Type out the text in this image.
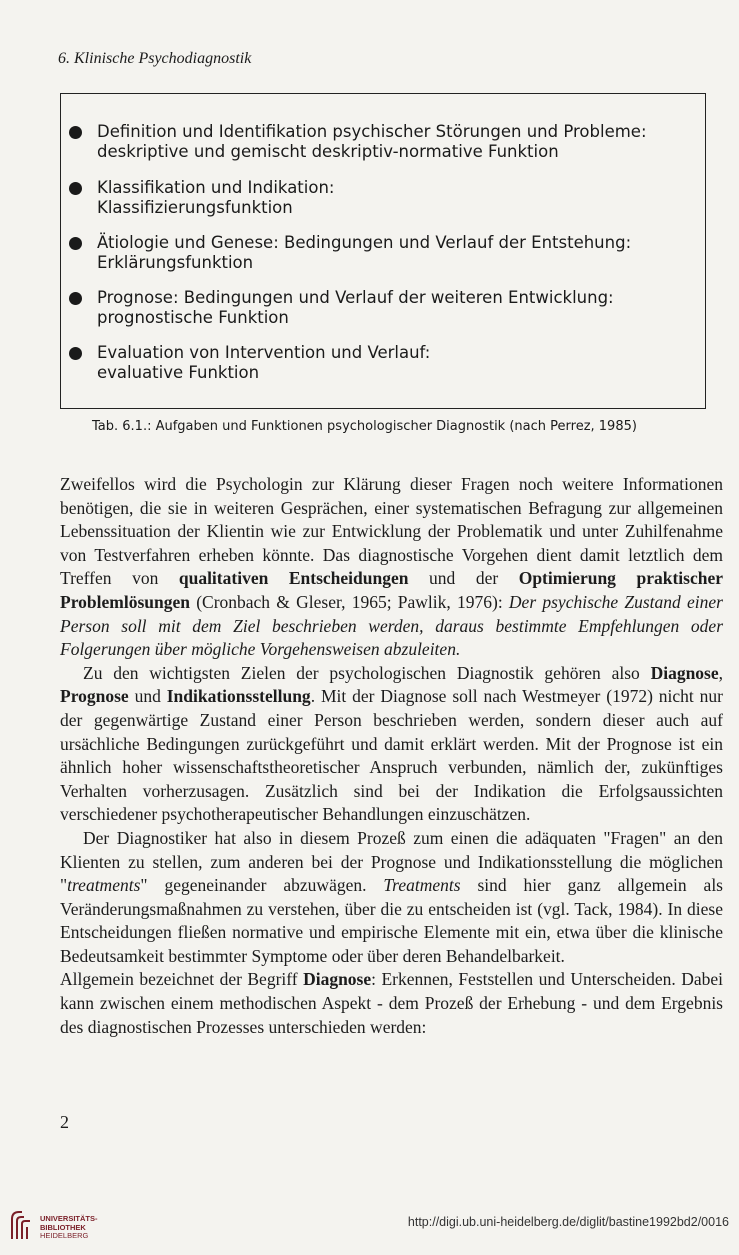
6. Klinische Psychodiagnostik

Definition und Identifikation psychischer Störungen und Probleme:

deskriptive und gemischt deskriptiv-normative Funktion

Klassifikation und Indikation:

Klassifizierungsfunktion

Ätiologie und Genese: Bedingungen und Verlauf der Entstehung:

Erklärungsfunktion

Prognose: Bedingungen und Verlauf der weiteren Entwicklung:

prognostische Funktion

Evaluation von Intervention und Verlauf:

evaluative Funktion

Tab. 6.1.: Aufgaben und Funktionen psychologischer Diagnostik (nach Perrez, 1985)

Zweifellos wird die Psychologin zur Klärung dieser Fragen noch weitere Informationen benötigen, die sie in weiteren Gesprächen, einer systematischen Befragung zur allgemeinen Lebenssituation der Klientin wie zur Entwicklung der Problematik und unter Zuhilfenahme von Testverfahren erheben könnte. Das diagnostische Vorgehen dient damit letztlich dem Treffen von qualitativen Entscheidungen und der Optimierung praktischer Problemlösungen (Cronbach & Gleser, 1965; Pawlik, 1976): Der psychische Zustand einer Person soll mit dem Ziel beschrieben werden, daraus bestimmte Empfehlungen oder Folgerungen über mögliche Vorgehensweisen abzuleiten.

Zu den wichtigsten Zielen der psychologischen Diagnostik gehören also Diagnose, Prognose und Indikationsstellung. Mit der Diagnose soll nach Westmeyer (1972) nicht nur der gegenwärtige Zustand einer Person beschrieben werden, sondern dieser auch auf ursächliche Bedingungen zurückgeführt und damit erklärt werden. Mit der Prognose ist ein ähnlich hoher wissenschaftstheoretischer Anspruch verbunden, nämlich der, zukünftiges Verhalten vorherzusagen. Zusätzlich sind bei der Indikation die Erfolgsaussichten verschiedener psychotherapeutischer Behandlungen einzuschätzen.

Der Diagnostiker hat also in diesem Prozeß zum einen die adäquaten "Fragen" an den Klienten zu stellen, zum anderen bei der Prognose und Indikationsstellung die möglichen "treatments" gegeneinander abzuwägen. Treatments sind hier ganz allgemein als Veränderungsmaßnahmen zu verstehen, über die zu entscheiden ist (vgl. Tack, 1984). In diese Entscheidungen fließen normative und empirische Elemente mit ein, etwa über die klinische Bedeutsamkeit bestimmter Symptome oder über deren Behandelbarkeit.

Allgemein bezeichnet der Begriff Diagnose: Erkennen, Feststellen und Unterscheiden. Dabei kann zwischen einem methodischen Aspekt - dem Prozeß der Erhebung - und dem Ergebnis des diagnostischen Prozesses unterschieden werden:

2
UNIVERSITÄTS-
BIBLIOTHEK
HEIDELBERG
http://digi.ub.uni-heidelberg.de/diglit/bastine1992bd2/0016
